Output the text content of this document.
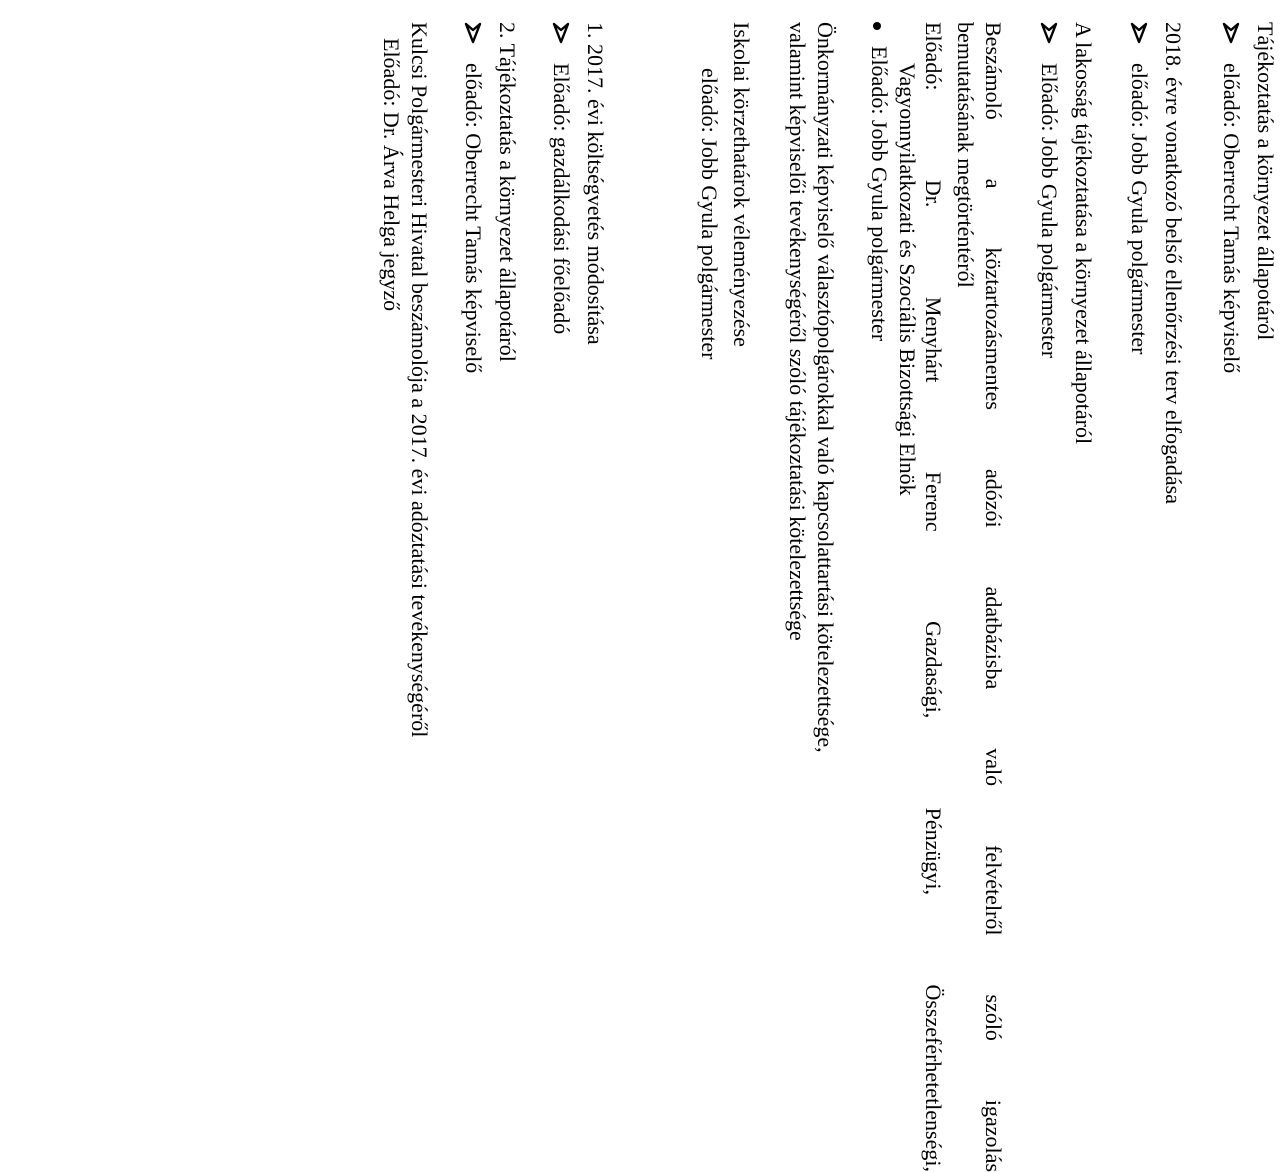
Tájékoztatás a környezet állapotáról
előadó: Oberrecht Tamás képviselő
2018. évre vonatkozó belső ellenőrzési terv elfogadása
előadó: Jobb Gyula polgármester
A lakosság tájékoztatása a környezet állapotáról
Előadó: Jobb Gyula polgármester
Beszámoló a köztartozásmentes adózói adatbázisba való felvételről szóló igazolás
bemutatásának megtörténtéről
Előadó: Dr. Menyhárt Ferenc Gazdasági, Pénzügyi, Összeférhetetlenségi,
Vagyonnyilatkozati és Szociális Bizottsági Elnök
Előadó: Jobb Gyula polgármester
Önkormányzati képviselő választópolgárokkal való kapcsolattartási kötelezettsége,
valamint képviselői tevékenységéről szóló tájékoztatási kötelezettsége
Iskolai körzethatárok véleményezése
előadó: Jobb Gyula polgármester
1. 2017. évi költségvetés módosítása
Előadó: gazdálkodási főelőadó
2. Tájékoztatás a környezet állapotáról
előadó: Oberrecht Tamás képviselő
Kulcsi Polgármesteri Hivatal beszámolója a 2017. évi adóztatási tevékenységéről
Előadó: Dr. Árva Helga jegyző
